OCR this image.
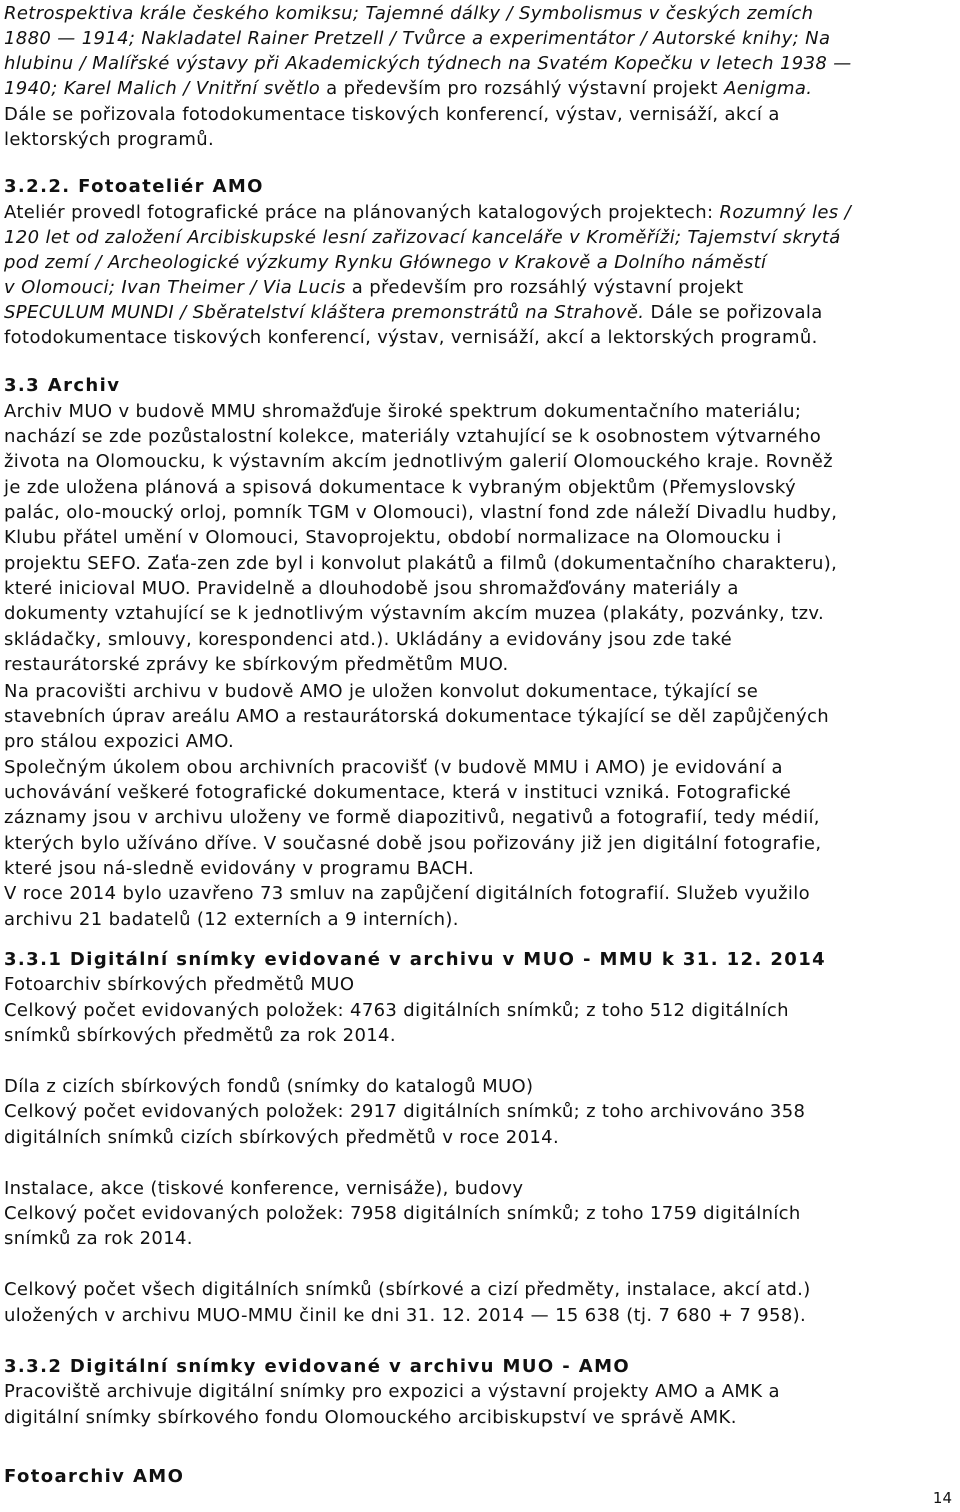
Retrospektiva krále českého komiksu; Tajemné dálky / Symbolismus v českých zemích
1880 — 1914; Nakladatel Rainer Pretzell / Tvůrce a experimentátor / Autorské knihy; Na
hlubinu / Malířské výstavy při Akademických týdnech na Svatém Kopečku v letech 1938 —
1940; Karel Malich / Vnitřní světlo a především pro rozsáhlý výstavní projekt Aenigma.
Dále se pořizovala fotodokumentace tiskových konferencí, výstav, vernisáží, akcí a
lektorských programů.
3.2.2. Fotoateliér AMO
Ateliér provedl fotografické práce na plánovaných katalogových projektech: Rozumný les /
120 let od založení Arcibiskupské lesní zařizovací kanceláře v Kroměříži; Tajemství skrytá
pod zemí / Archeologické výzkumy Rynku Głównego v Krakově a Dolního náměstí
v Olomouci; Ivan Theimer / Via Lucis a především pro rozsáhlý výstavní projekt
SPECULUM MUNDI / Sběratelství kláštera premonstrátů na Strahově. Dále se pořizovala
fotodokumentace tiskových konferencí, výstav, vernisáží, akcí a lektorských programů.
3.3 Archiv
Archiv MUO v budově MMU shromažďuje široké spektrum dokumentačního materiálu;
nachází se zde pozůstalostní kolekce, materiály vztahující se k osobnostem výtvarného
života na Olomoucku, k výstavním akcím jednotlivým galerií Olomouckého kraje. Rovněž
je zde uložena plánová a spisová dokumentace k vybraným objektům (Přemyslovský
palác, olo-moucký orloj, pomník TGM v Olomouci), vlastní fond zde náleží Divadlu hudby,
Klubu přátel umění v Olomouci, Stavoprojektu, období normalizace na Olomoucku i
projektu SEFO. Zaťa-zen zde byl i konvolut plakátů a filmů (dokumentačního charakteru),
které inicioval MUO. Pravidelně a dlouhodobě jsou shromažďovány materiály a
dokumenty vztahující se k jednotlivým výstavním akcím muzea (plakáty, pozvánky, tzv.
skládačky, smlouvy, korespondenci atd.). Ukládány a evidovány jsou zde také
restaurátorské zprávy ke sbírkovým předmětům MUO.
Na pracovišti archivu v budově AMO je uložen konvolut dokumentace, týkající se
stavebních úprav areálu AMO a restaurátorská dokumentace týkající se děl zapůjčených
pro stálou expozici AMO.
Společným úkolem obou archivních pracovišť (v budově MMU i AMO) je evidování a
uchovávání veškeré fotografické dokumentace, která v instituci vzniká. Fotografické
záznamy jsou v archivu uloženy ve formě diapozitivů, negativů a fotografií, tedy médií,
kterých bylo užíváno dříve. V současné době jsou pořizovány již jen digitální fotografie,
které jsou ná-sledně evidovány v programu BACH.
V roce 2014 bylo uzavřeno 73 smluv na zapůjčení digitálních fotografií. Služeb využilo
archivu 21 badatelů (12 externích a 9 interních).
3.3.1 Digitální snímky evidované v archivu v MUO - MMU k 31. 12. 2014
Fotoarchiv sbírkových předmětů MUO
Celkový počet evidovaných položek: 4763 digitálních snímků; z toho 512 digitálních
snímků sbírkových předmětů za rok 2014.
Díla z cizích sbírkových fondů (snímky do katalogů MUO)
Celkový počet evidovaných položek: 2917 digitálních snímků; z toho archivováno 358
digitálních snímků cizích sbírkových předmětů v roce 2014.
Instalace, akce (tiskové konference, vernisáže), budovy
Celkový počet evidovaných položek: 7958 digitálních snímků; z toho 1759 digitálních
snímků za rok 2014.
Celkový počet všech digitálních snímků (sbírkové a cizí předměty, instalace, akcí atd.)
uložených v archivu MUO-MMU činil ke dni 31. 12. 2014 — 15 638 (tj. 7 680 + 7 958).
3.3.2 Digitální snímky evidované v archivu MUO - AMO
Pracoviště archivuje digitální snímky pro expozici a výstavní projekty AMO a AMK a
digitální snímky sbírkového fondu Olomouckého arcibiskupství ve správě AMK.
Fotoarchiv AMO
14
